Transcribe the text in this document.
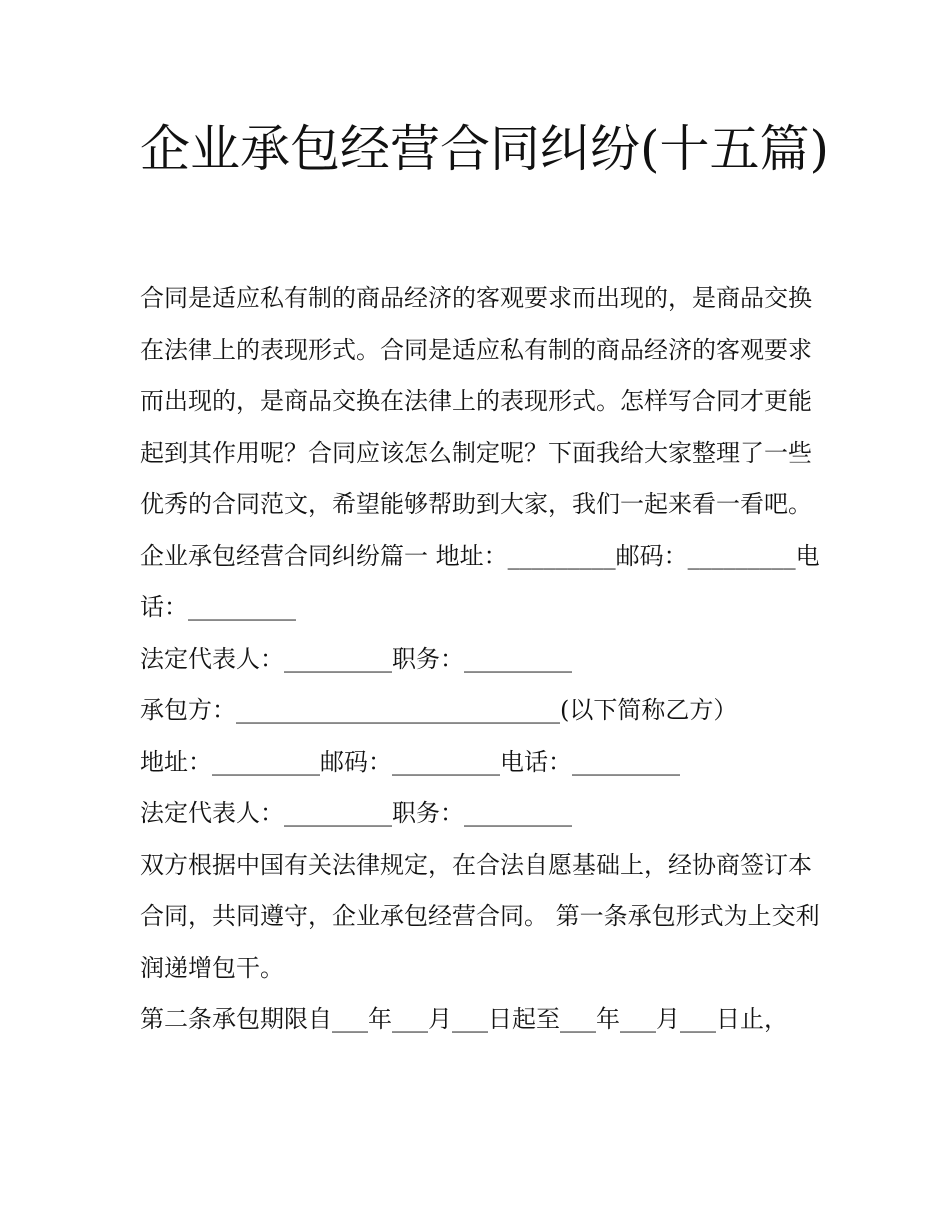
企业承包经营合同纠纷(十五篇)

合同是适应私有制的商品经济的客观要求而出现的，是商品交换在法律上的表现形式。合同是适应私有制的商品经济的客观要求而出现的，是商品交换在法律上的表现形式。怎样写合同才更能起到其作用呢？合同应该怎么制定呢？下面我给大家整理了一些优秀的合同范文，希望能够帮助到大家，我们一起来看一看吧。

企业承包经营合同纠纷篇一 地址：_________邮码：_________电话：_________

法定代表人：_________职务：_________

承包方：___________________________(以下简称乙方）

地址：_________邮码：_________电话：_________

法定代表人：_________职务：_________

双方根据中国有关法律规定，在合法自愿基础上，经协商签订本合同，共同遵守，企业承包经营合同。 第一条承包形式为上交利润递增包干。

第二条承包期限自___年___月___日起至___年___月___日止，
